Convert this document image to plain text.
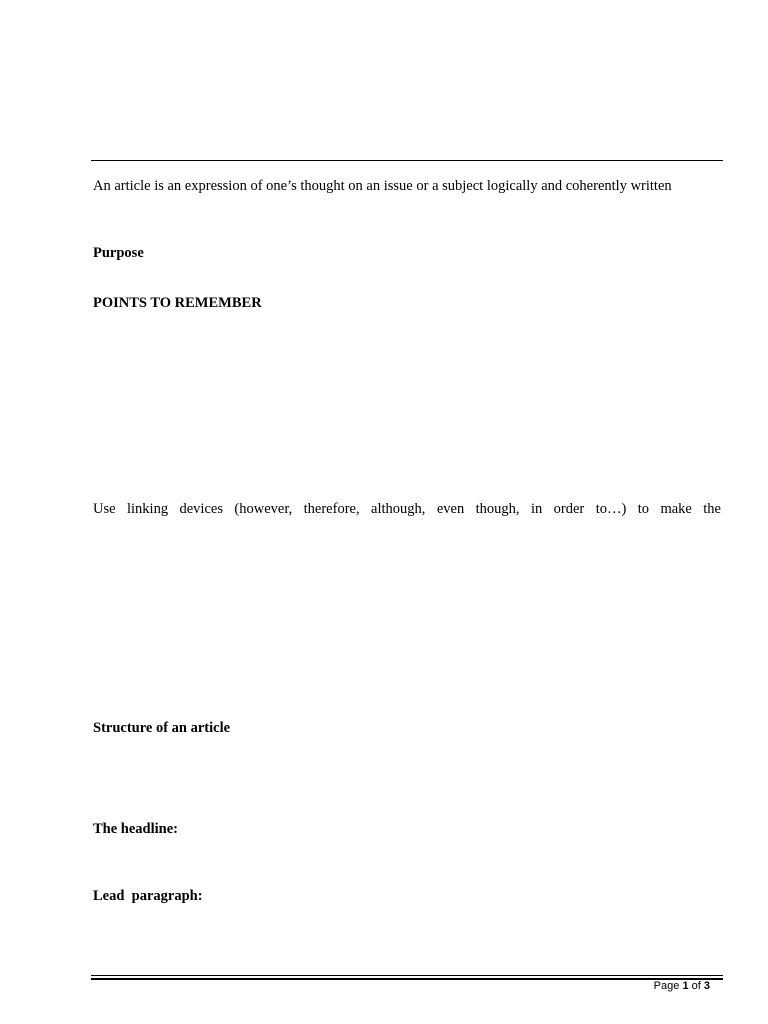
An article is an expression of one’s thought on an issue or a subject logically and coherently written
Purpose
POINTS TO REMEMBER
Use linking devices (however, therefore, although, even though, in order to…) to make the
Structure of an article
The headline:
Lead  paragraph:
Page 1 of 3
